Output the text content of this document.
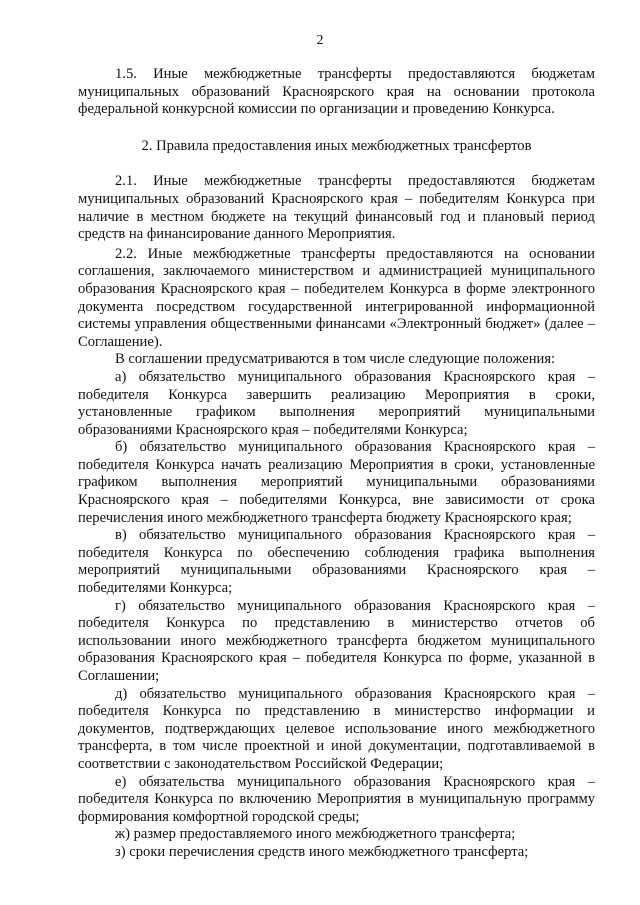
2

1.5. Иные межбюджетные трансферты предоставляются бюджетам муниципальных образований Красноярского края на основании протокола федеральной конкурсной комиссии по организации и проведению Конкурса.

2. Правила предоставления иных межбюджетных трансфертов

2.1. Иные межбюджетные трансферты предоставляются бюджетам муниципальных образований Красноярского края – победителям Конкурса при наличие в местном бюджете на текущий финансовый год и плановый период средств на финансирование данного Мероприятия.

2.2. Иные межбюджетные трансферты предоставляются на основании соглашения, заключаемого министерством и администрацией муниципального образования Красноярского края – победителем Конкурса в форме электронного документа посредством государственной интегрированной информационной системы управления общественными финансами «Электронный бюджет» (далее – Соглашение).

В соглашении предусматриваются в том числе следующие положения:

а) обязательство муниципального образования Красноярского края – победителя Конкурса завершить реализацию Мероприятия в сроки, установленные графиком выполнения мероприятий муниципальными образованиями Красноярского края – победителями Конкурса;

б) обязательство муниципального образования Красноярского края – победителя Конкурса начать реализацию Мероприятия в сроки, установленные графиком выполнения мероприятий муниципальными образованиями Красноярского края – победителями Конкурса, вне зависимости от срока перечисления иного межбюджетного трансферта бюджету Красноярского края;

в) обязательство муниципального образования Красноярского края – победителя Конкурса по обеспечению соблюдения графика выполнения мероприятий муниципальными образованиями Красноярского края – победителями Конкурса;

г) обязательство муниципального образования Красноярского края – победителя Конкурса по представлению в министерство отчетов об использовании иного межбюджетного трансферта бюджетом муниципального образования Красноярского края – победителя Конкурса по форме, указанной в Соглашении;

д) обязательство муниципального образования Красноярского края – победителя Конкурса по представлению в министерство информации и документов, подтверждающих целевое использование иного межбюджетного трансферта, в том числе проектной и иной документации, подготавливаемой в соответствии с законодательством Российской Федерации;

е) обязательства муниципального образования Красноярского края – победителя Конкурса по включению Мероприятия в муниципальную программу формирования комфортной городской среды;

ж) размер предоставляемого иного межбюджетного трансферта;

з) сроки перечисления средств иного межбюджетного трансферта;
